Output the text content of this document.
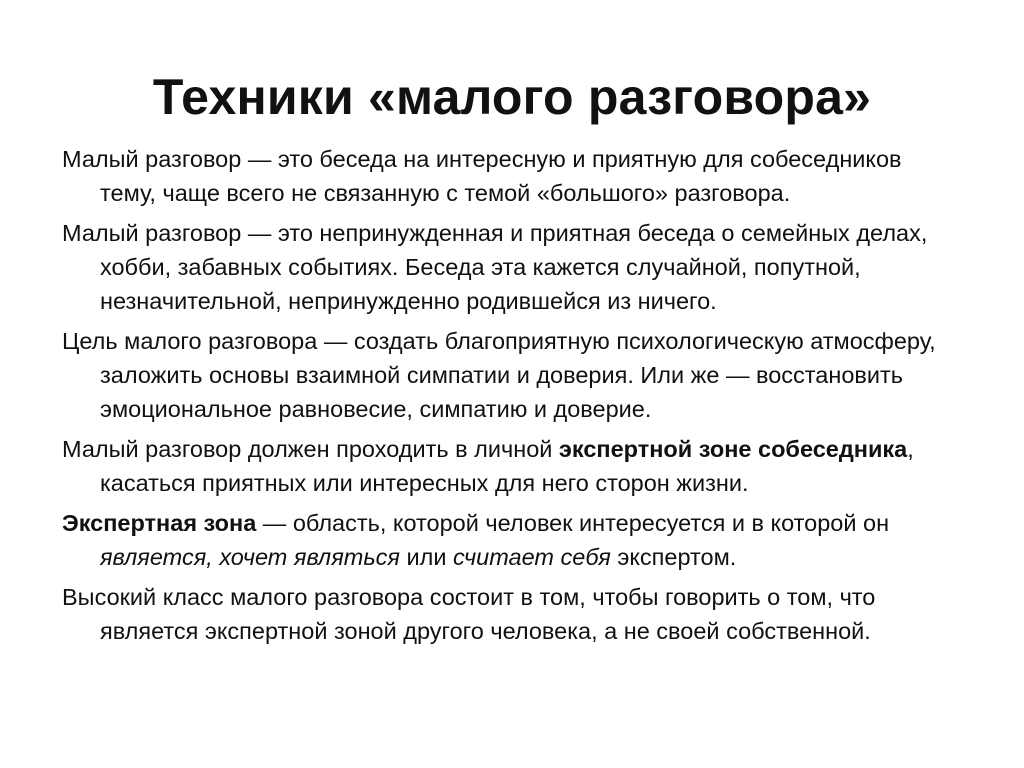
Техники «малого разговора»

Малый разговор — это беседа на интересную и приятную для собеседников тему, чаще всего не связанную с темой «большого» разговора.

Малый разговор — это непринужденная и приятная беседа о семейных делах, хобби, забавных событиях. Беседа эта кажется случайной, попутной, незначительной, непринужденно родившейся из ничего.

Цель малого разговора — создать благоприятную психологическую атмосферу, заложить основы взаимной симпатии и доверия. Или же — восстановить эмоциональное равновесие, симпатию и доверие.

Малый разговор должен проходить в личной экспертной зоне собеседника, касаться приятных или интересных для него сторон жизни.

Экспертная зона — область, которой человек интересуется и в которой он является, хочет являться или считает себя экспертом.

Высокий класс малого разговора состоит в том, чтобы говорить о том, что является экспертной зоной другого человека, а не своей собственной.
